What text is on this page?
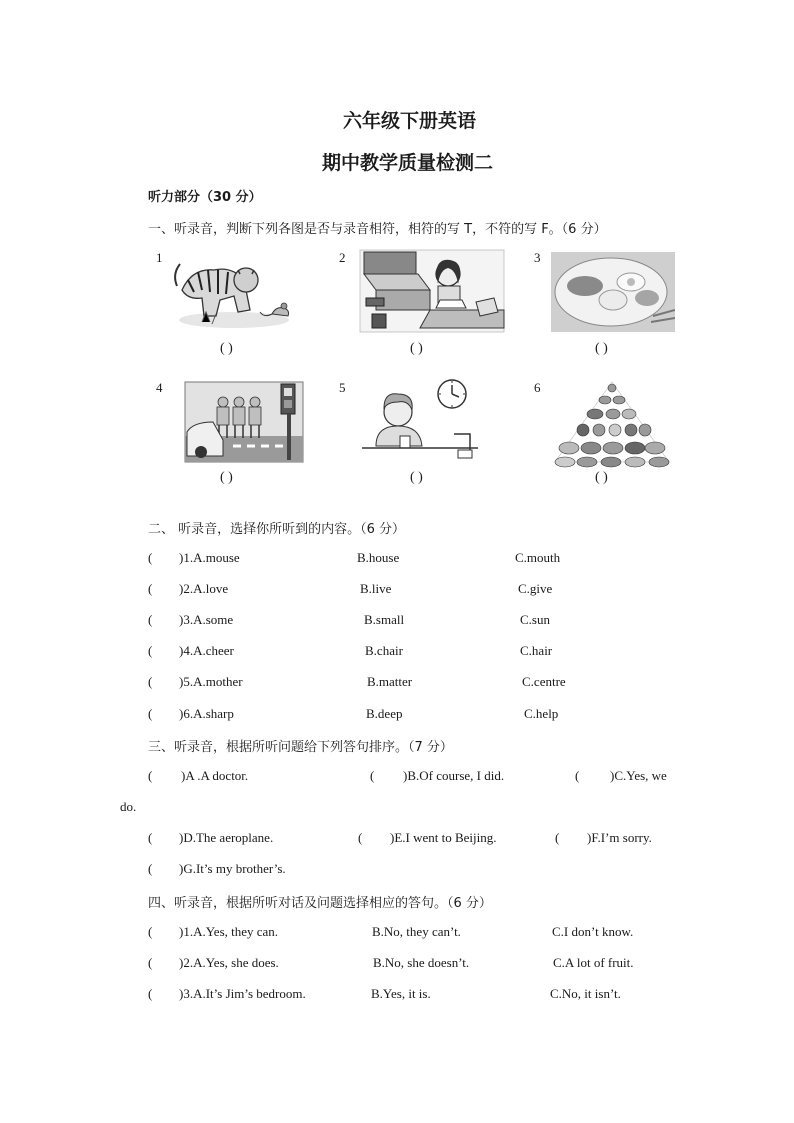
六年级下册英语
期中教学质量检测二
听力部分（30 分）
一、听录音，判断下列各图是否与录音相符，相符的写 T，不符的写 F。（6 分）
1	2	3
4	5	6
( )	( )	( )
( )	( )	( )
二、 听录音，选择你所听到的内容。（6 分）
( )1.A.mouse	B.house	C.mouth
( )2.A.love	B.live	C.give
( )3.A.some	B.small	C.sun
( )4.A.cheer	B.chair	C.hair
( )5.A.mother	B.matter	C.centre
( )6.A.sharp	B.deep	C.help
三、听录音，根据所听问题给下列答句排序。（7 分）
( )A .A doctor.	( )B.Of course, I did.	( )C.Yes, we
do.
( )D.The aeroplane.	( )E.I went to Beijing.	( )F.I’m sorry.
( )G.It’s my brother’s.
四、听录音，根据所听对话及问题选择相应的答句。（6 分）
( )1.A.Yes, they can.	B.No, they can’t.	C.I don’t know.
( )2.A.Yes, she does.	B.No, she doesn’t.	C.A lot of fruit.
( )3.A.It’s Jim’s bedroom.	B.Yes, it is.	C.No, it isn’t.
